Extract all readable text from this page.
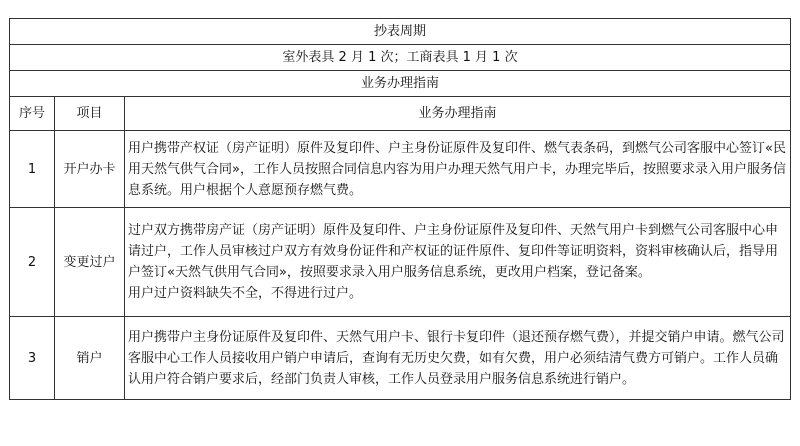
抄表周期		
室外表具 2 月 1 次；工商表具 1 月 1 次		
业务办理指南		
序号	项目	业务办理指南
1	开户办卡	用户携带产权证（房产证明）原件及复印件、户主身份证原件及复印件、燃气表条码，到燃气公司客服中心签订«民用天然气供气合同»，工作人员按照合同信息内容为用户办理天然气用户卡，办理完毕后，按照要求录入用户服务信息系统。用户根据个人意愿预存燃气费。

2	变更过户	过户双方携带房产证（房产证明）原件及复印件、户主身份证原件及复印件、天然气用户卡到燃气公司客服中心申请过户，工作人员审核过户双方有效身份证件和产权证的证件原件、复印件等证明资料，资料审核确认后，指导用户签订«天然气供用气合同»，按照要求录入用户服务信息系统，更改用户档案，登记备案。

用户过户资料缺失不全，不得进行过户。

3	销户	用户携带户主身份证原件及复印件、天然气用户卡、银行卡复印件（退还预存燃气费），并提交销户申请。燃气公司客服中心工作人员接收用户销户申请后，查询有无历史欠费，如有欠费，用户必须结清气费方可销户。工作人员确认用户符合销户要求后，经部门负责人审核，工作人员登录用户服务信息系统进行销户。
